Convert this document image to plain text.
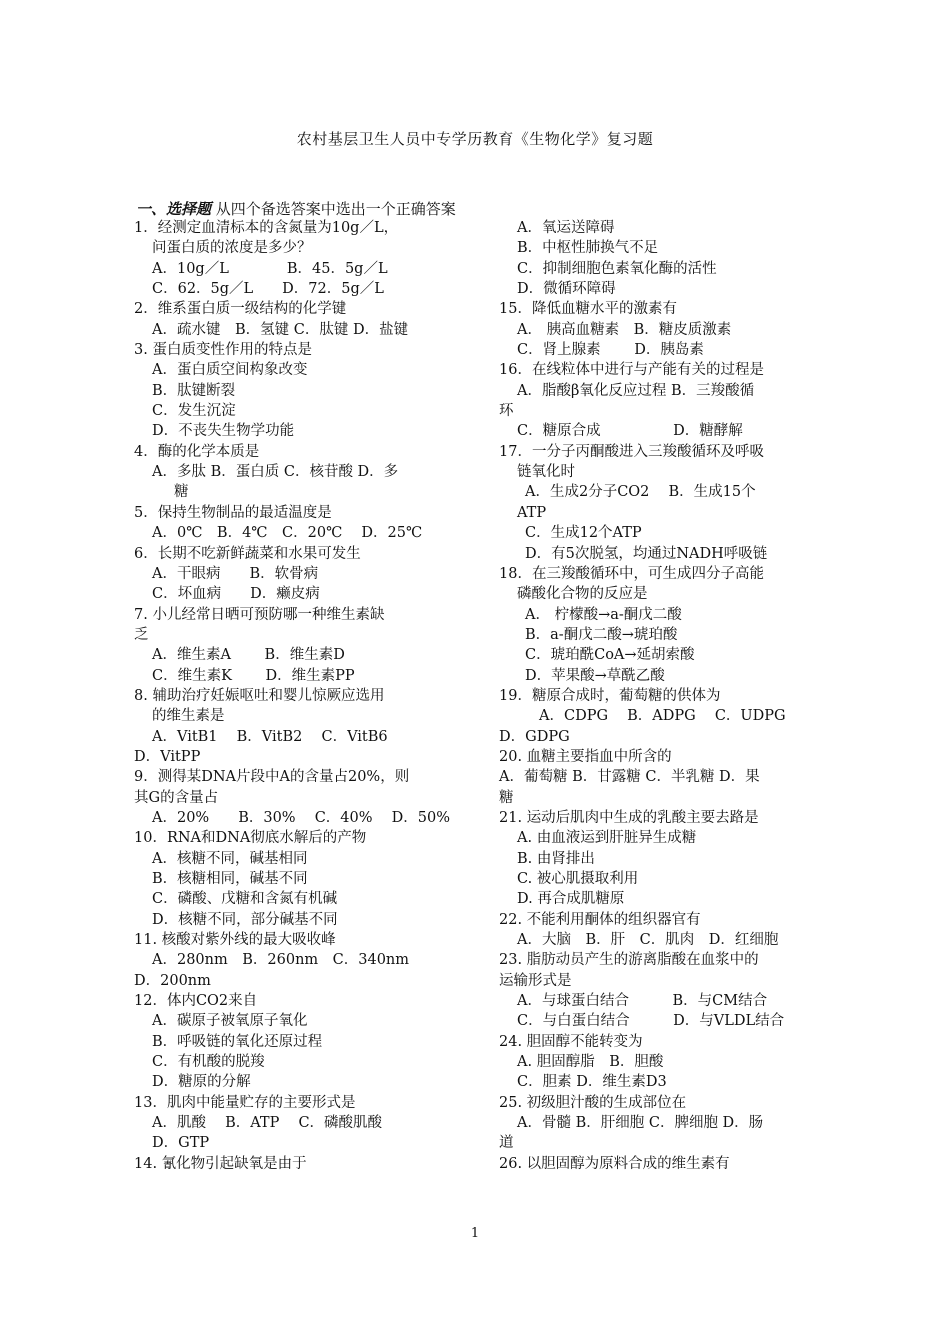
农村基层卫生人员中专学历教育《生物化学》复习题
一、选择题 从四个备选答案中选出一个正确答案
1．经测定血清标本的含氮量为10g／L，
问蛋白质的浓度是多少？
A．10g／L　　　　B．45．5g／L
C．62．5g／L　　D．72．5g／L
2．维系蛋白质一级结构的化学键
A．疏水键　B．氢键 C．肽键 D．盐键
3. 蛋白质变性作用的特点是
A．蛋白质空间构象改变
B．肽键断裂
C．发生沉淀
D．不丧失生物学功能
4．酶的化学本质是
A．多肽 B．蛋白质 C．核苷酸 D．多
糖
5．保持生物制品的最适温度是
A．0℃　B．4℃　C．20℃　 D．25℃
6．长期不吃新鲜蔬菜和水果可发生
A．干眼病　　B．软骨病
C．坏血病　　D．癞皮病
7. 小儿经常日晒可预防哪一种维生素缺
乏
A．维生素A　　 B．维生素D
C．维生素K　　 D．维生素PP
8. 辅助治疗妊娠呕吐和婴儿惊厥应选用
的维生素是
A．VitB1　 B．VitB2　 C．VitB6
D．VitPP
9．测得某DNA片段中A的含量占20%，则
其G的含量占
A．20%　　B．30%　 C．40%　 D．50%
10．RNA和DNA彻底水解后的产物
A．核糖不同，碱基相同
B．核糖相同，碱基不同
C．磷酸、戊糖和含氮有机碱
D．核糖不同，部分碱基不同
11. 核酸对紫外线的最大吸收峰
A．280nm　B．260nm　C．340nm
D．200nm
12．体内CO2来自
A．碳原子被氧原子氧化
B．呼吸链的氧化还原过程
C．有机酸的脱羧
D．糖原的分解
13．肌肉中能量贮存的主要形式是
A．肌酸　 B．ATP　 C．磷酸肌酸
D．GTP
14. 氰化物引起缺氧是由于
A．氧运送障碍
B．中枢性肺换气不足
C．抑制细胞色素氧化酶的活性
D．微循环障碍
15．降低血糖水平的激素有
A． 胰高血糖素　B．糖皮质激素
C．肾上腺素　　 D．胰岛素
16．在线粒体中进行与产能有关的过程是
A．脂酸β氧化反应过程 B．三羧酸循
环
C．糖原合成　　　　　D．糖酵解
17．一分子丙酮酸进入三羧酸循环及呼吸
链氧化时
A．生成2分子CO2　 B．生成15个
ATP
C．生成12个ATP
D．有5次脱氢，均通过NADH呼吸链
18．在三羧酸循环中，可生成四分子高能
磷酸化合物的反应是
A． 柠檬酸→a-酮戊二酸
B．a-酮戊二酸→琥珀酸
C．琥珀酰CoA→延胡索酸
D．苹果酸→草酰乙酸
19．糖原合成时，葡萄糖的供体为
A．CDPG　 B．ADPG　 C．UDPG
D．GDPG
20. 血糖主要指血中所含的
A．葡萄糖 B．甘露糖 C．半乳糖 D．果
糖
21. 运动后肌肉中生成的乳酸主要去路是
A. 由血液运到肝脏异生成糖
B. 由肾排出
C. 被心肌摄取利用
D. 再合成肌糖原
22. 不能利用酮体的组织器官有
A．大脑　B．肝　C．肌肉　D．红细胞
23. 脂肪动员产生的游离脂酸在血浆中的
运输形式是
A．与球蛋白结合　　　B．与CM结合
C．与白蛋白结合　　　D．与VLDL结合
24. 胆固醇不能转变为
A. 胆固醇脂　B．胆酸
C．胆素 D．维生素D3
25. 初级胆汁酸的生成部位在
A．骨髓 B．肝细胞 C．脾细胞 D．肠
道
26. 以胆固醇为原料合成的维生素有
1
